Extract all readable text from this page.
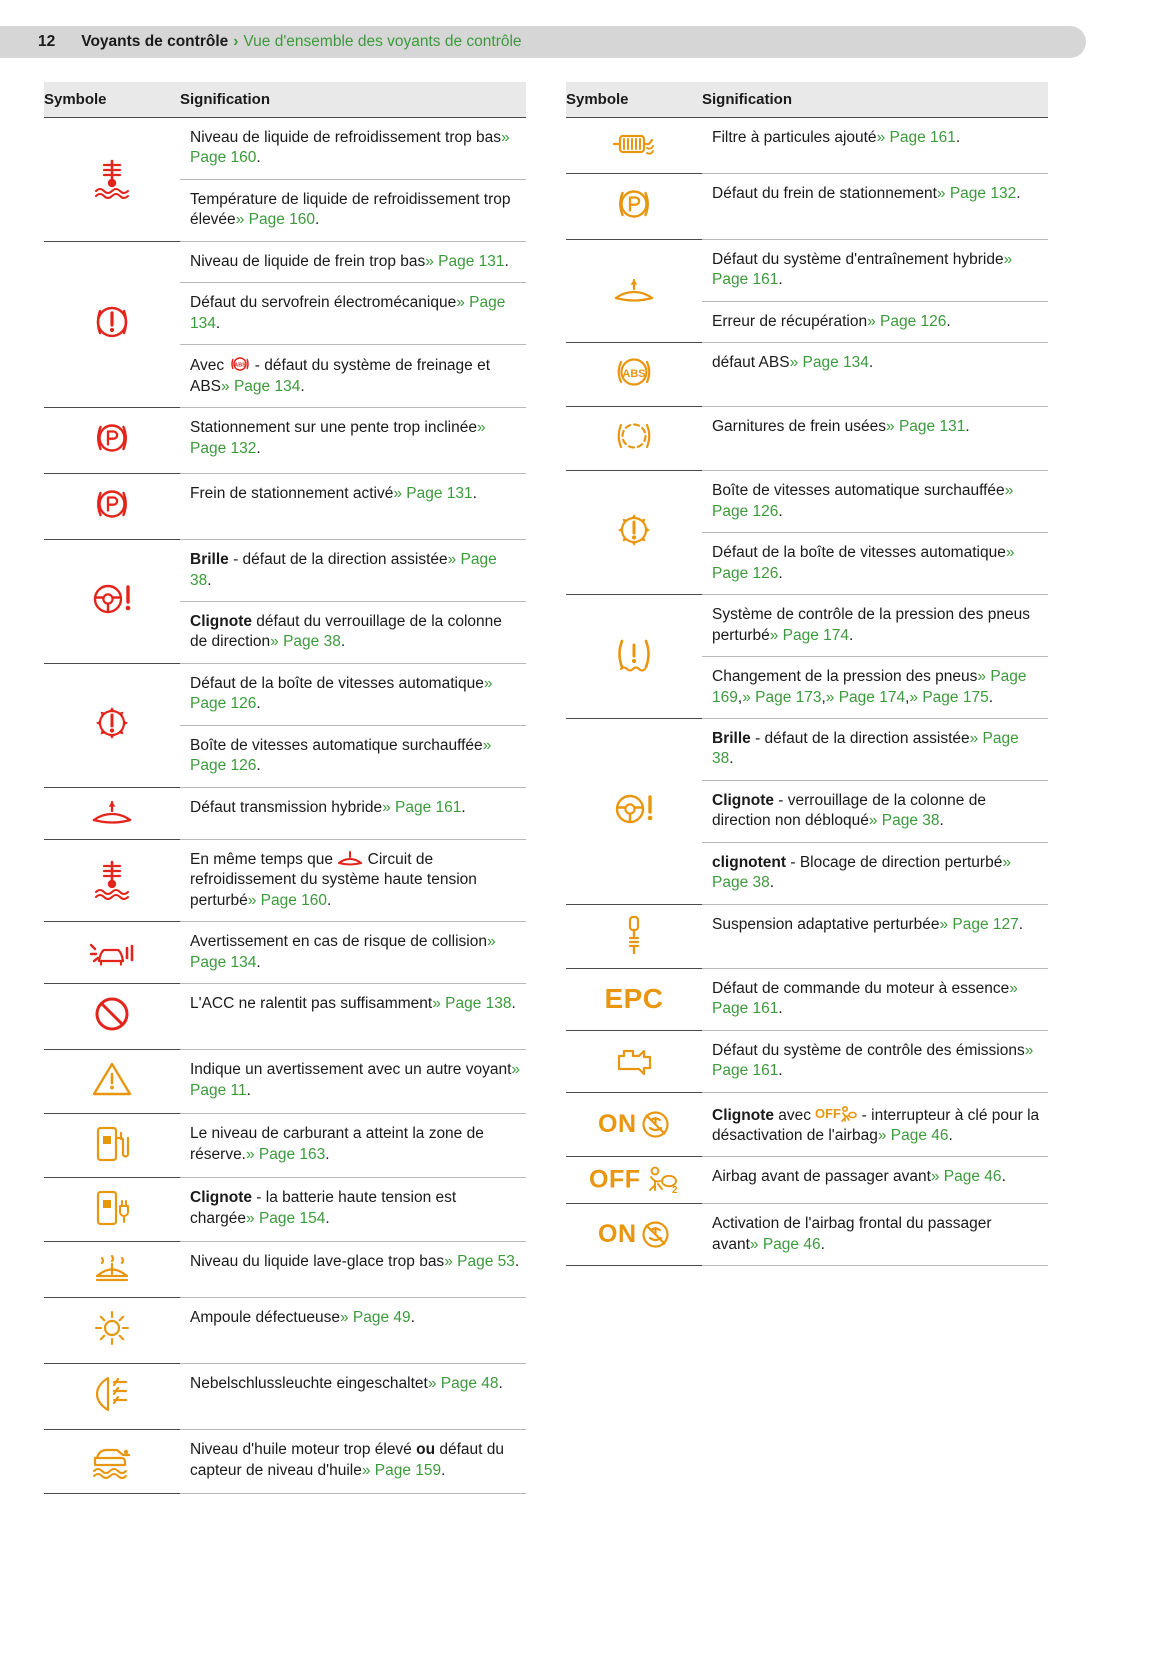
12 Voyants de contrôle › Vue d'ensemble des voyants de contrôle
Symbole	Signification

	Niveau de liquide de refroidissement trop bas» Page 160.
	Température de liquide de refroidissement trop élevée» Page 160.

	Niveau de liquide de frein trop bas» Page 131.
	Défaut du servofrein électromécanique» Page 134.
	Avec ABS - défaut du système de freinage et ABS» Page 134.

	Stationnement sur une pente trop inclinée» Page 132.

	Frein de stationnement activé» Page 131.

	Brille - défaut de la direction assistée» Page 38.
	Clignote défaut du verrouillage de la colonne de direction» Page 38.

	Défaut de la boîte de vitesses automatique» Page 126.
	Boîte de vitesses automatique surchauffée» Page 126.

	Défaut transmission hybride» Page 161.

	En même temps que  Circuit de refroidissement du système haute tension perturbé» Page 160.

	Avertissement en cas de risque de collision» Page 134.

	L'ACC ne ralentit pas suffisamment» Page 138.

	Indique un avertissement avec un autre voyant» Page 11.

	Le niveau de carburant a atteint la zone de réserve.» Page 163.

	Clignote - la batterie haute tension est chargée» Page 154.

	Niveau du liquide lave-glace trop bas» Page 53.

	Ampoule défectueuse» Page 49.

	Nebelschlussleuchte eingeschaltet» Page 48.

	Niveau d'huile moteur trop élevé ou défaut du capteur de niveau d'huile» Page 159.
Symbole	Signification

	Filtre à particules ajouté» Page 161.

	Défaut du frein de stationnement» Page 132.

	Défaut du système d'entraînement hybride» Page 161.
	Erreur de récupération» Page 126.

ABS	défaut ABS» Page 134.

	Garnitures de frein usées» Page 131.

	Boîte de vitesses automatique surchauffée» Page 126.
	Défaut de la boîte de vitesses automatique» Page 126.

	Système de contrôle de la pression des pneus perturbé» Page 174.
	Changement de la pression des pneus» Page 169,» Page 173,» Page 174,» Page 175.

	Brille - défaut de la direction assistée» Page 38.
	Clignote - verrouillage de la colonne de direction non débloqué» Page 38.
	clignotent - Blocage de direction perturbé» Page 38.

	Suspension adaptative perturbée» Page 127.
EPC	Défaut de commande du moteur à essence» Page 161.

	Défaut du système de contrôle des émissions» Page 161.
ON	Clignote avec OFF - interrupteur à clé pour la désactivation de l'airbag» Page 46.
OFF 2	Airbag avant de passager avant» Page 46.
ON	Activation de l'airbag frontal du passager avant» Page 46.
